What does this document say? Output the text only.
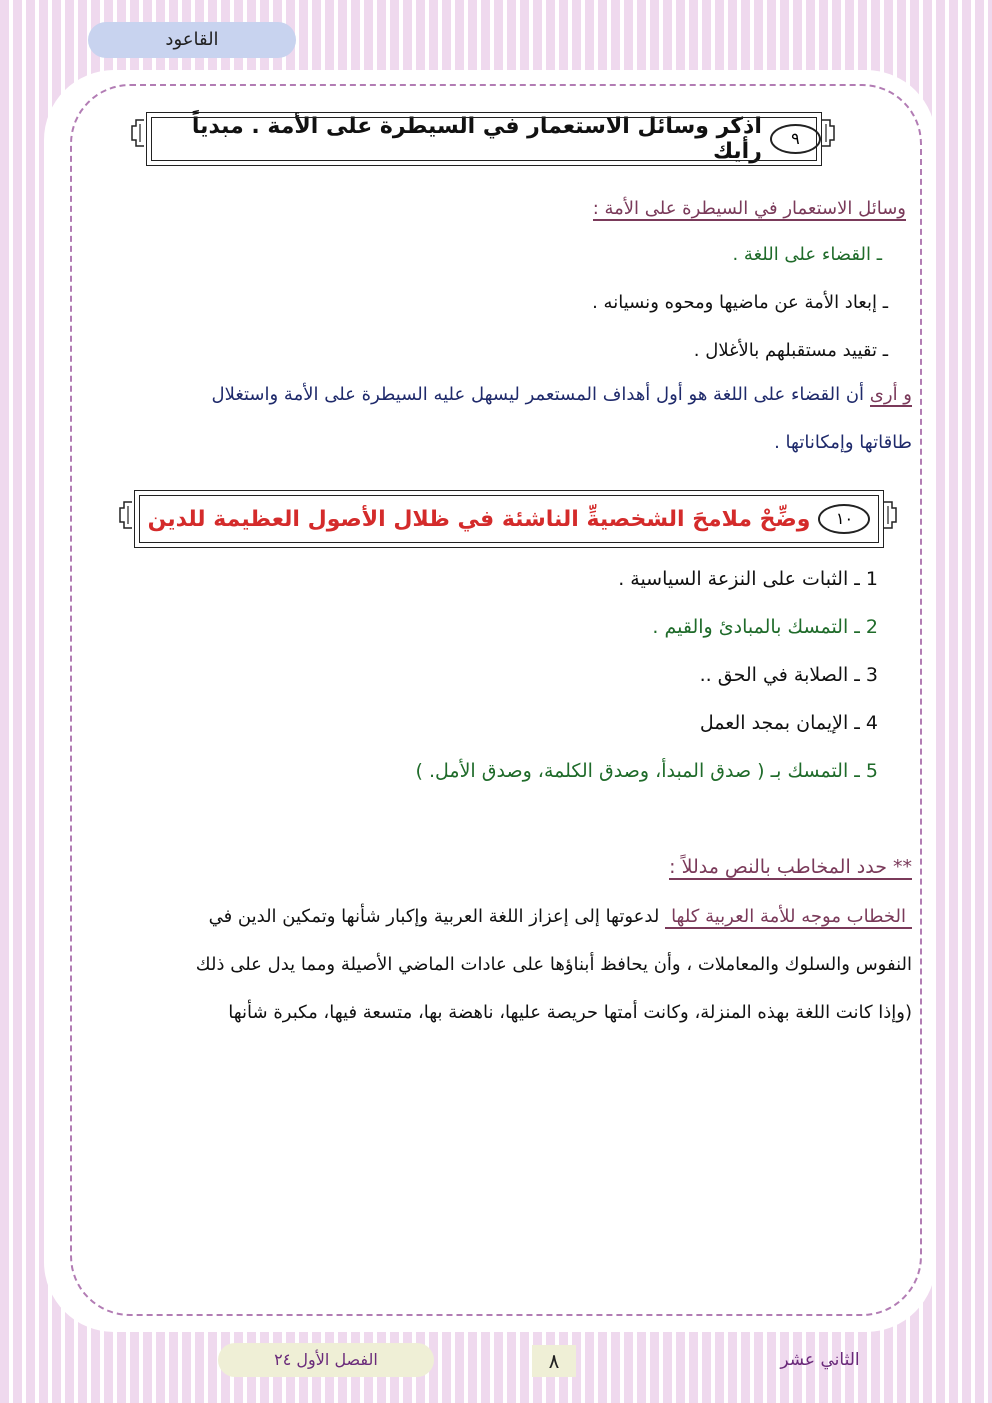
القاعود
٩
اذكر وسائل الاستعمار في السيطرة على الأمة . مبدياً رأيك
وسائل الاستعمار في السيطرة على الأمة :
ـ القضاء على اللغة .
ـ إبعاد الأمة عن ماضيها ومحوه ونسيانه .
ـ تقييد مستقبلهم بالأغلال .
و أرى أن القضاء على اللغة هو أول أهداف المستعمر ليسهل عليه السيطرة على الأمة واستغلال
طاقاتها وإمكاناتها .
١٠
وضِّحْ ملامحَ الشخصيةِّ الناشئة في ظلال الأصول العظيمة للدين
1 ـ الثبات على النزعة السياسية .
2 ـ التمسك بالمبادئ والقيم .
3 ـ الصلابة في الحق ..
4 ـ الإيمان بمجد العمل
5 ـ التمسك بـ ( صدق المبدأ، وصدق الكلمة، وصدق الأمل. )
** حدد المخاطب بالنص مدللاً :
الخطاب موجه للأمة العربية كلها لدعوتها إلى إعزاز اللغة العربية وإكبار شأنها وتمكين الدين في
النفوس والسلوك والمعاملات ، وأن يحافظ أبناؤها على عادات الماضي الأصيلة ومما يدل على ذلك
(وإذا كانت اللغة بهذه المنزلة، وكانت أمتها حريصة عليها، ناهضة بها، متسعة فيها، مكبرة شأنها
الفصل الأول ٢٤	٨	الثاني عشر
